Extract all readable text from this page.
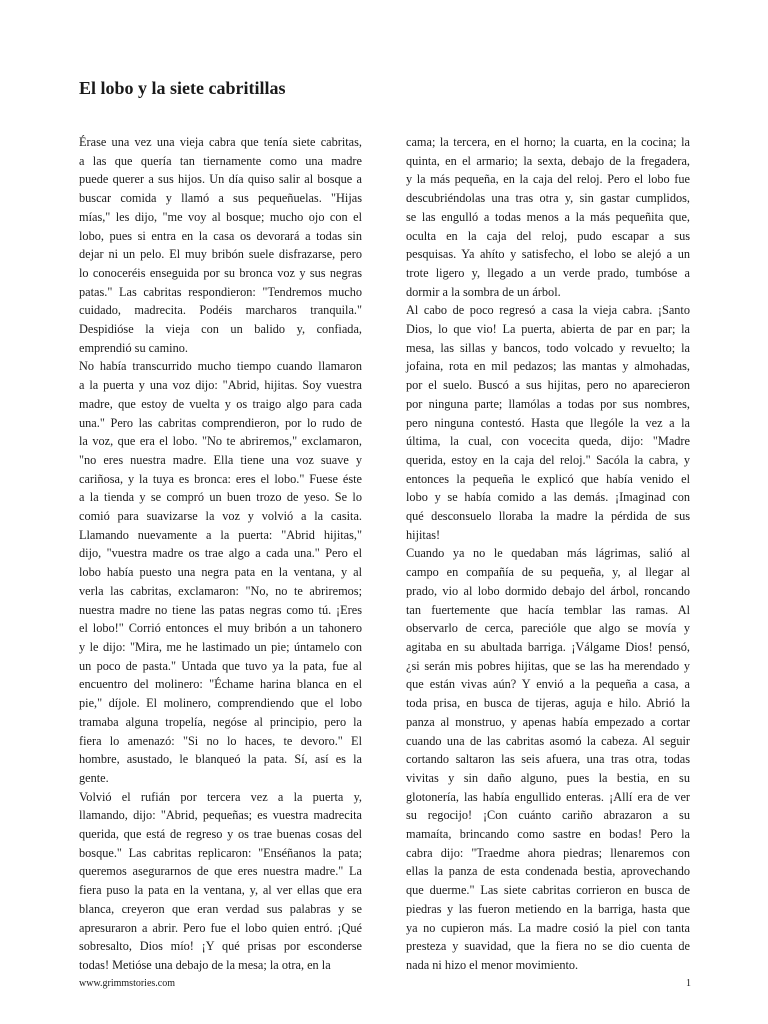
El lobo y la siete cabritillas

Érase una vez una vieja cabra que tenía siete cabritas,
a las que quería tan tiernamente como una madre
puede querer a sus hijos. Un día quiso salir al bosque a
buscar comida y llamó a sus pequeñuelas. "Hijas
mías," les dijo, "me voy al bosque; mucho ojo con el
lobo, pues si entra en la casa os devorará a todas sin
dejar ni un pelo. El muy bribón suele disfrazarse, pero
lo conoceréis enseguida por su bronca voz y sus negras
patas." Las cabritas respondieron: "Tendremos mucho
cuidado, madrecita. Podéis marcharos tranquila."
Despidióse la vieja con un balido y, confiada,
emprendió su camino.

No había transcurrido mucho tiempo cuando llamaron
a la puerta y una voz dijo: "Abrid, hijitas. Soy vuestra
madre, que estoy de vuelta y os traigo algo para cada
una." Pero las cabritas comprendieron, por lo rudo de
la voz, que era el lobo. "No te abriremos," exclamaron,
"no eres nuestra madre. Ella tiene una voz suave y
cariñosa, y la tuya es bronca: eres el lobo." Fuese éste
a la tienda y se compró un buen trozo de yeso. Se lo
comió para suavizarse la voz y volvió a la casita.
Llamando nuevamente a la puerta: "Abrid hijitas,"
dijo, "vuestra madre os trae algo a cada una." Pero el
lobo había puesto una negra pata en la ventana, y al
verla las cabritas, exclamaron: "No, no te abriremos;
nuestra madre no tiene las patas negras como tú. ¡Eres
el lobo!" Corrió entonces el muy bribón a un tahonero
y le dijo: "Mira, me he lastimado un pie; úntamelo con
un poco de pasta." Untada que tuvo ya la pata, fue al
encuentro del molinero: "Échame harina blanca en el
pie," díjole. El molinero, comprendiendo que el lobo
tramaba alguna tropelía, negóse al principio, pero la
fiera lo amenazó: "Si no lo haces, te devoro." El
hombre, asustado, le blanqueó la pata. Sí, así es la
gente.

Volvió el rufián por tercera vez a la puerta y,
llamando, dijo: "Abrid, pequeñas; es vuestra madrecita
querida, que está de regreso y os trae buenas cosas del
bosque." Las cabritas replicaron: "Enséñanos la pata;
queremos asegurarnos de que eres nuestra madre." La
fiera puso la pata en la ventana, y, al ver ellas que era
blanca, creyeron que eran verdad sus palabras y se
apresuraron a abrir. Pero fue el lobo quien entró. ¡Qué
sobresalto, Dios mío! ¡Y qué prisas por esconderse
todas! Metióse una debajo de la mesa; la otra, en la

cama; la tercera, en el horno; la cuarta, en la cocina; la
quinta, en el armario; la sexta, debajo de la fregadera,
y la más pequeña, en la caja del reloj. Pero el lobo fue
descubriéndolas una tras otra y, sin gastar cumplidos,
se las engulló a todas menos a la más pequeñita que,
oculta en la caja del reloj, pudo escapar a sus
pesquisas. Ya ahíto y satisfecho, el lobo se alejó a un
trote ligero y, llegado a un verde prado, tumbóse a
dormir a la sombra de un árbol.

Al cabo de poco regresó a casa la vieja cabra. ¡Santo
Dios, lo que vio! La puerta, abierta de par en par; la
mesa, las sillas y bancos, todo volcado y revuelto; la
jofaina, rota en mil pedazos; las mantas y almohadas,
por el suelo. Buscó a sus hijitas, pero no aparecieron
por ninguna parte; llamólas a todas por sus nombres,
pero ninguna contestó. Hasta que llególe la vez a la
última, la cual, con vocecita queda, dijo: "Madre
querida, estoy en la caja del reloj." Sacóla la cabra, y
entonces la pequeña le explicó que había venido el
lobo y se había comido a las demás. ¡Imaginad con
qué desconsuelo lloraba la madre la pérdida de sus
hijitas!

Cuando ya no le quedaban más lágrimas, salió al
campo en compañía de su pequeña, y, al llegar al
prado, vio al lobo dormido debajo del árbol, roncando
tan fuertemente que hacía temblar las ramas. Al
observarlo de cerca, parecióle que algo se movía y
agitaba en su abultada barriga. ¡Válgame Dios! pensó,
¿si serán mis pobres hijitas, que se las ha merendado y
que están vivas aún? Y envió a la pequeña a casa, a
toda prisa, en busca de tijeras, aguja e hilo. Abrió la
panza al monstruo, y apenas había empezado a cortar
cuando una de las cabritas asomó la cabeza. Al seguir
cortando saltaron las seis afuera, una tras otra, todas
vivitas y sin daño alguno, pues la bestia, en su
glotonería, las había engullido enteras. ¡Allí era de ver
su regocijo! ¡Con cuánto cariño abrazaron a su
mamaíta, brincando como sastre en bodas! Pero la
cabra dijo: "Traedme ahora piedras; llenaremos con
ellas la panza de esta condenada bestia, aprovechando
que duerme." Las siete cabritas corrieron en busca de
piedras y las fueron metiendo en la barriga, hasta que
ya no cupieron más. La madre cosió la piel con tanta
presteza y suavidad, que la fiera no se dio cuenta de
nada ni hizo el menor movimiento.

www.grimmstories.com	1
